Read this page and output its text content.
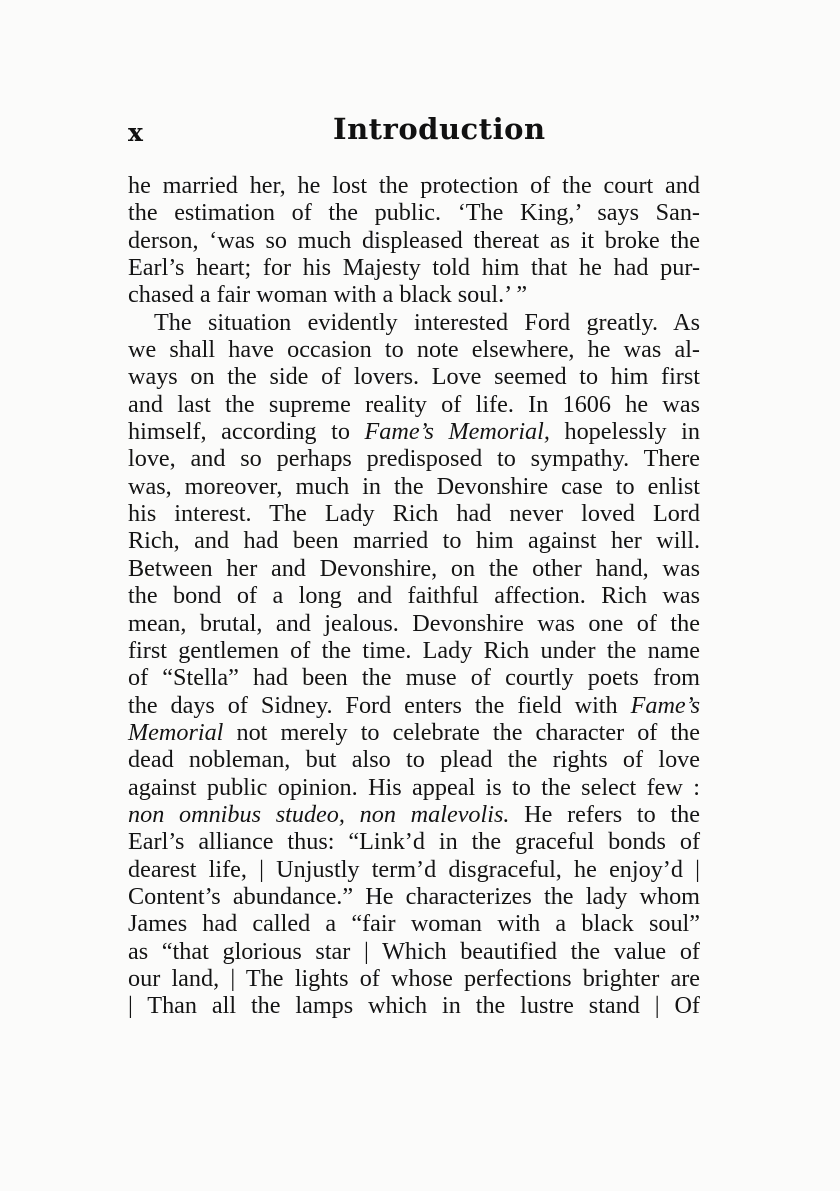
x	Introduction
he married her, he lost the protection of the court and
the estimation of the public. ‘The King,’ says San-
derson, ‘was so much displeased thereat as it broke the
Earl’s heart; for his Majesty told him that he had pur-
chased a fair woman with a black soul.’ ”
The situation evidently interested Ford greatly. As
we shall have occasion to note elsewhere, he was al-
ways on the side of lovers. Love seemed to him first
and last the supreme reality of life. In 1606 he was
himself, according to Fame’s Memorial, hopelessly in
love, and so perhaps predisposed to sympathy. There
was, moreover, much in the Devonshire case to enlist
his interest. The Lady Rich had never loved Lord
Rich, and had been married to him against her will.
Between her and Devonshire, on the other hand, was
the bond of a long and faithful affection. Rich was
mean, brutal, and jealous. Devonshire was one of the
first gentlemen of the time. Lady Rich under the name
of “Stella” had been the muse of courtly poets from
the days of Sidney. Ford enters the field with Fame’s
Memorial not merely to celebrate the character of the
dead nobleman, but also to plead the rights of love
against public opinion. His appeal is to the select few :
non omnibus studeo, non malevolis. He refers to the
Earl’s alliance thus: “Link’d in the graceful bonds of
dearest life, | Unjustly term’d disgraceful, he enjoy’d |
Content’s abundance.” He characterizes the lady whom
James had called a “fair woman with a black soul”
as “that glorious star | Which beautified the value of
our land, | The lights of whose perfections brighter are
| Than all the lamps which in the lustre stand | Of
